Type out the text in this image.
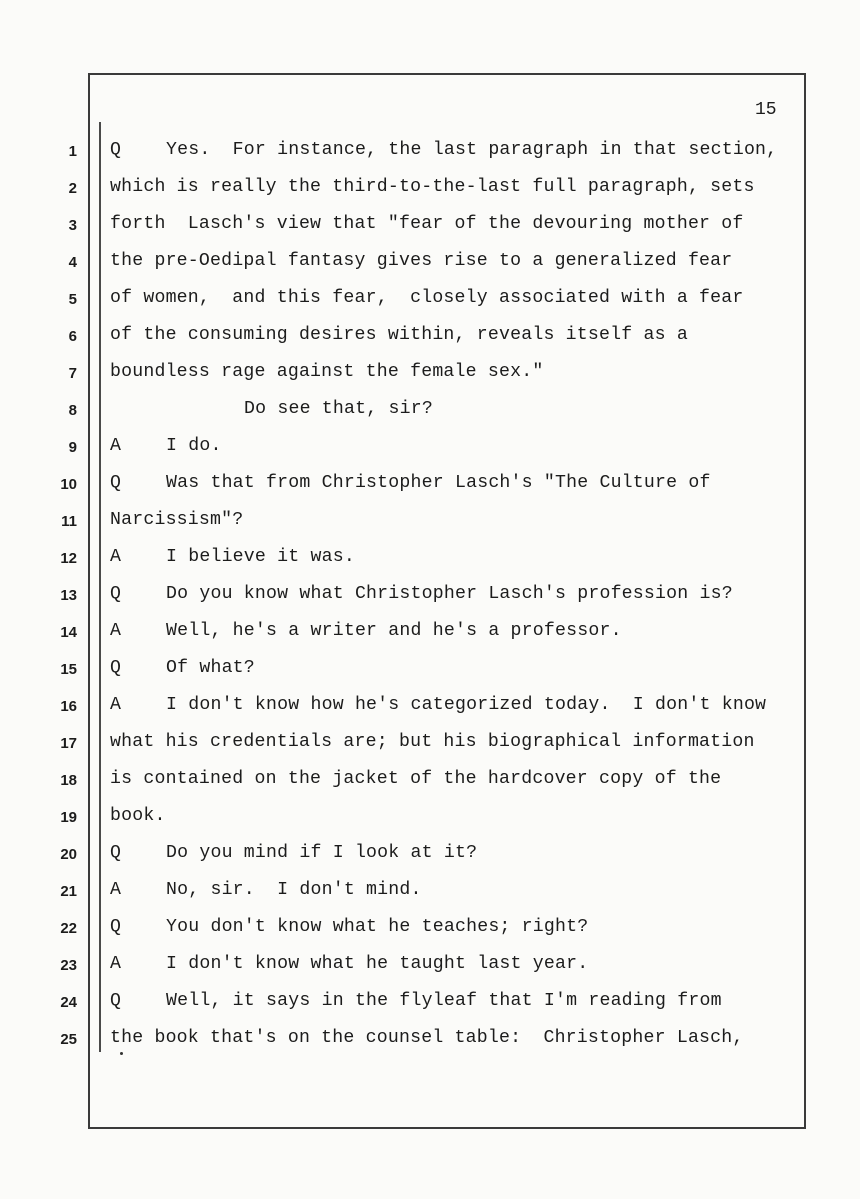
15
1 Q Yes.  For instance, the last paragraph in that section,
2 which is really the third-to-the-last full paragraph, sets
3 forth  Lasch's view that "fear of the devouring mother of
4 the pre-Oedipal fantasy gives rise to a generalized fear
5 of women,  and this fear,  closely associated with a fear
6 of the consuming desires within, reveals itself as a
7 boundless rage against the female sex."
8	Do see that, sir?
9 A I do.
10 Q Was that from Christopher Lasch's "The Culture of
11 Narcissism"?
12 A I believe it was.
13 Q Do you know what Christopher Lasch's profession is?
14 A Well, he's a writer and he's a professor.
15 Q Of what?
16 A I don't know how he's categorized today.  I don't know
17 what his credentials are; but his biographical information
18 is contained on the jacket of the hardcover copy of the
19 book.
20 Q Do you mind if I look at it?
21 A No, sir.  I don't mind.
22 Q You don't know what he teaches; right?
23 A I don't know what he taught last year.
24 Q Well, it says in the flyleaf that I'm reading from
25 the book that's on the counsel table:  Christopher Lasch,
